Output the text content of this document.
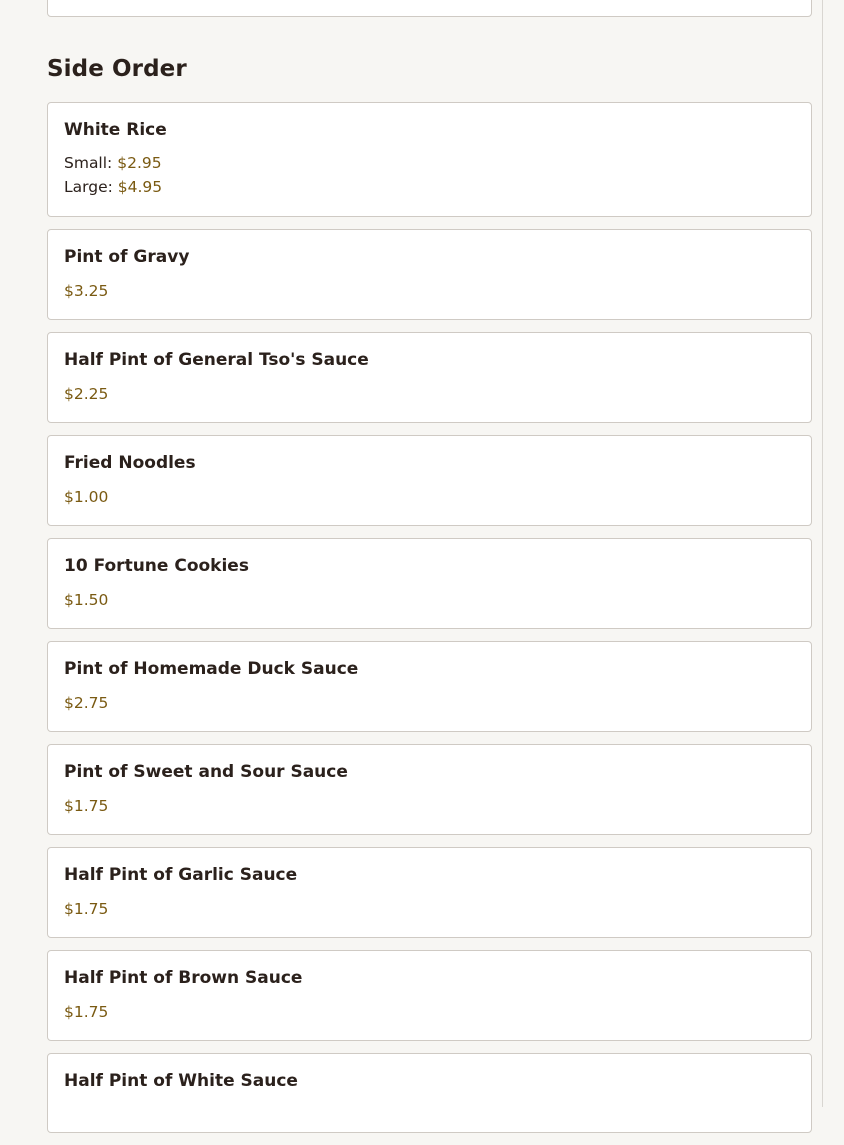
Side Order
White Rice
Small: $2.95
Large: $4.95
Pint of Gravy
$3.25
Half Pint of General Tso's Sauce
$2.25
Fried Noodles
$1.00
10 Fortune Cookies
$1.50
Pint of Homemade Duck Sauce
$2.75
Pint of Sweet and Sour Sauce
$1.75
Half Pint of Garlic Sauce
$1.75
Half Pint of Brown Sauce
$1.75
Half Pint of White Sauce
